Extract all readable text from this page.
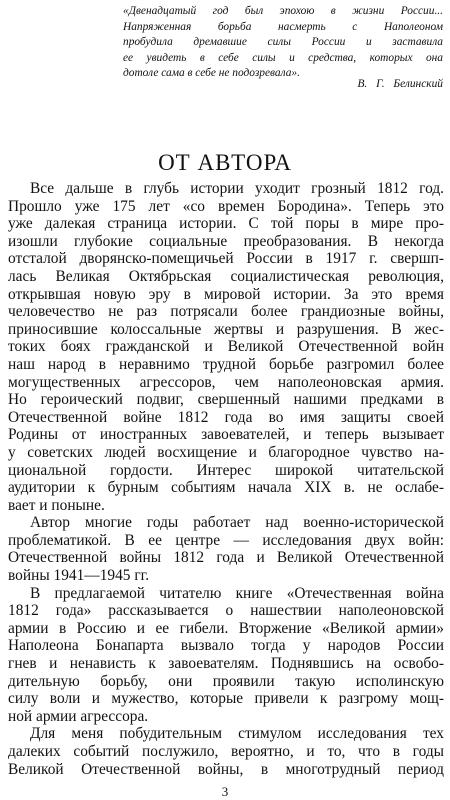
«Двенадцатый год был эпохою в жизни России...
Напряженная борьба насмерть с Наполеоном
пробудила дремавшие силы России и заставила
ее увидеть в себе силы и средства, которых она
дотоле сама в себе не подозревала».
В. Г. Белинский
ОТ АВТОРА
Все дальше в глубь истории уходит грозный 1812 год.
Прошло уже 175 лет «со времен Бородина». Теперь это
уже далекая страница истории. С той поры в мире про-
изошли глубокие социальные преобразования. В некогда
отсталой дворянско-помещичьей России в 1917 г. свершп-
лась Великая Октябрьская социалистическая революция,
открывшая новую эру в мировой истории. За это время
человечество не раз потрясали более грандиозные войны,
приносившие колоссальные жертвы и разрушения. В жес-
токих боях гражданской и Великой Отечественной войн
наш народ в неравнимо трудной борьбе разгромил более
могущественных агрессоров, чем наполеоновская армия.
Но героический подвиг, свершенный нашими предками в
Отечественной войне 1812 года во имя защиты своей
Родины от иностранных завоевателей, и теперь вызывает
у советских людей восхищение и благородное чувство на-
циональной гордости. Интерес широкой читательской
аудитории к бурным событиям начала XIX в. не ослабе-
вает и поныне.
Автор многие годы работает над военно-исторической
проблематикой. В ее центре — исследования двух войн:
Отечественной войны 1812 года и Великой Отечественной
войны 1941—1945 гг.
В предлагаемой читателю книге «Отечественная война
1812 года» рассказывается о нашествии наполеоновской
армии в Россию и ее гибели. Вторжение «Великой армии»
Наполеона Бонапарта вызвало тогда у народов России
гнев и ненависть к завоевателям. Поднявшись на освобо-
дительную борьбу, они проявили такую исполинскую
силу воли и мужество, которые привели к разгрому мощ-
ной армии агрессора.
Для меня побудительным стимулом исследования тех
далеких событий послужило, вероятно, и то, что в годы
Великой Отечественной войны, в многотрудный период
3
